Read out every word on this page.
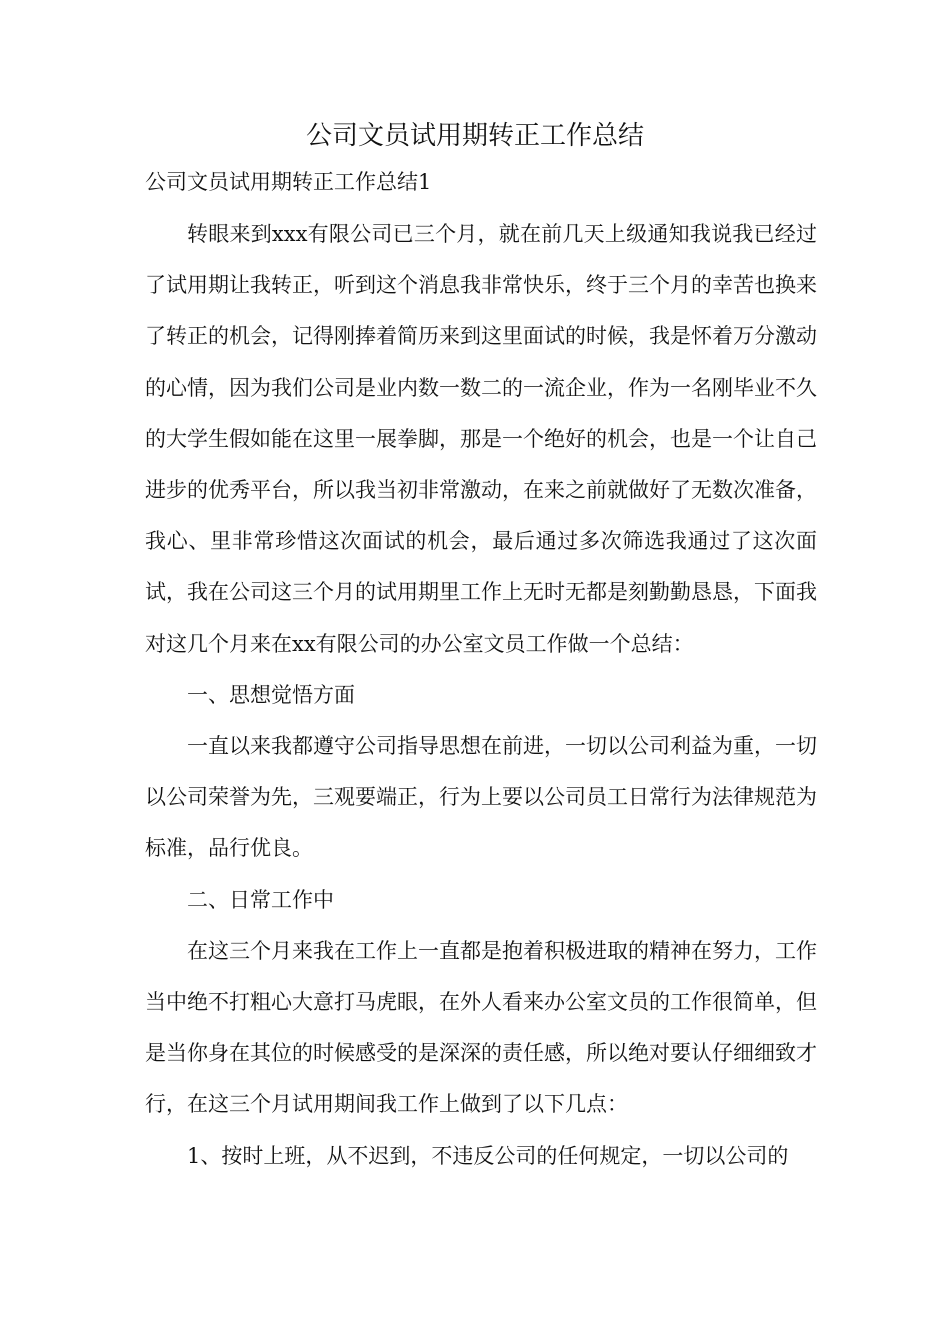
公司文员试用期转正工作总结

公司文员试用期转正工作总结1

转眼来到xxx有限公司已三个月，就在前几天上级通知我说我已经过了试用期让我转正，听到这个消息我非常快乐，终于三个月的幸苦也换来了转正的机会，记得刚捧着简历来到这里面试的时候，我是怀着万分激动的心情，因为我们公司是业内数一数二的一流企业，作为一名刚毕业不久的大学生假如能在这里一展拳脚，那是一个绝好的机会，也是一个让自己进步的优秀平台，所以我当初非常激动，在来之前就做好了无数次准备，我心、里非常珍惜这次面试的机会，最后通过多次筛选我通过了这次面试，我在公司这三个月的试用期里工作上无时无都是刻勤勤恳恳，下面我对这几个月来在xx有限公司的办公室文员工作做一个总结：

一、思想觉悟方面

一直以来我都遵守公司指导思想在前进，一切以公司利益为重，一切以公司荣誉为先，三观要端正，行为上要以公司员工日常行为法律规范为标准，品行优良。

二、日常工作中

在这三个月来我在工作上一直都是抱着积极进取的精神在努力，工作当中绝不打粗心大意打马虎眼，在外人看来办公室文员的工作很简单，但是当你身在其位的时候感受的是深深的责任感，所以绝对要认仔细细致才行，在这三个月试用期间我工作上做到了以下几点：

1、按时上班，从不迟到，不违反公司的任何规定，一切以公司的
